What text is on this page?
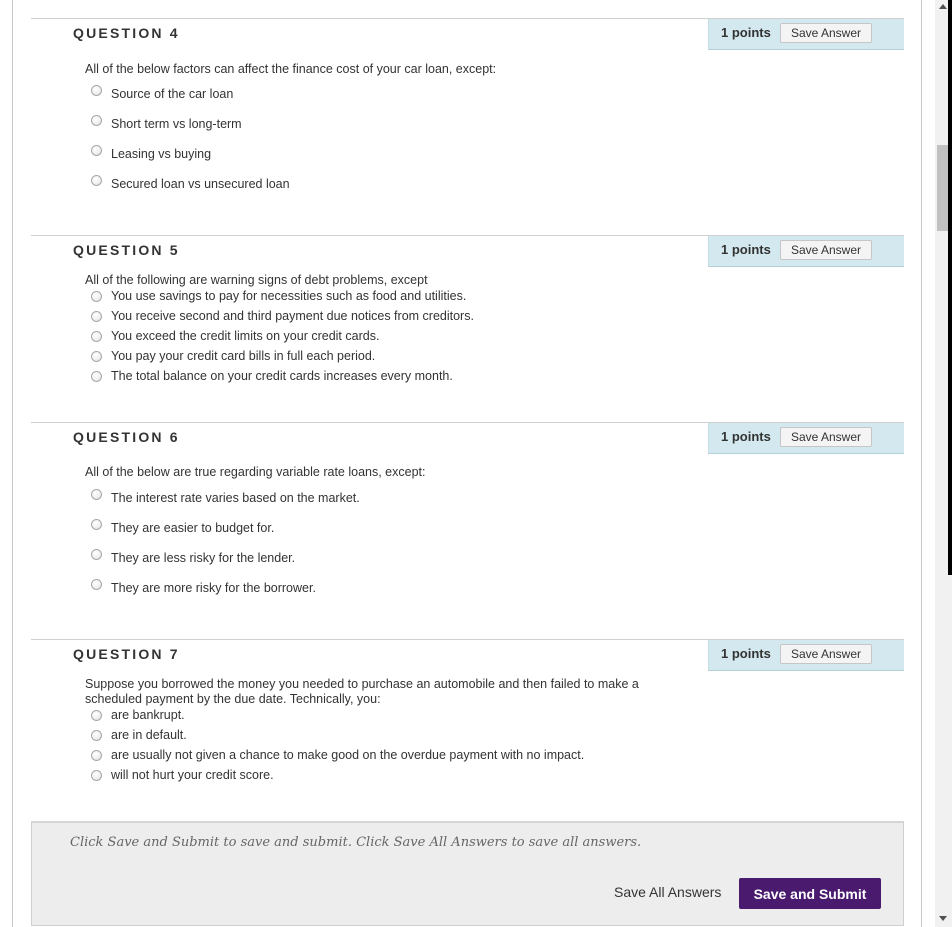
QUESTION 4	1 points	Save Answer
All of the below factors can affect the finance cost of your car loan, except:
Source of the car loan
Short term vs long-term
Leasing vs buying
Secured loan vs unsecured loan
QUESTION 5	1 points	Save Answer
All of the following are warning signs of debt problems, except
You use savings to pay for necessities such as food and utilities.
You receive second and third payment due notices from creditors.
You exceed the credit limits on your credit cards.
You pay your credit card bills in full each period.
The total balance on your credit cards increases every month.
QUESTION 6	1 points	Save Answer
All of the below are true regarding variable rate loans, except:
The interest rate varies based on the market.
They are easier to budget for.
They are less risky for the lender.
They are more risky for the borrower.
QUESTION 7	1 points	Save Answer
Suppose you borrowed the money you needed to purchase an automobile and then failed to make a
scheduled payment by the due date. Technically, you:
are bankrupt.
are in default.
are usually not given a chance to make good on the overdue payment with no impact.
will not hurt your credit score.
Click Save and Submit to save and submit. Click Save All Answers to save all answers.
Save All Answers	Save and Submit
